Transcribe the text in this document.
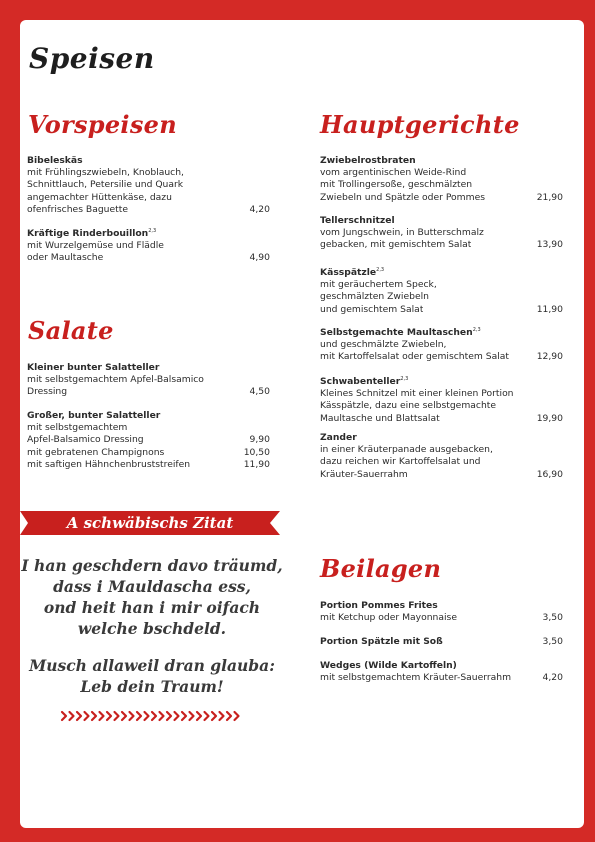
Speisen
Vorspeisen
Bibeleskäs
mit Frühlingszwiebeln, Knoblauch,
Schnittlauch, Petersilie und Quark
angemachter Hüttenkäse, dazu
ofenfrisches Baguette	4,20
Kräftige Rinderbouillon$^{2,3}$
mit Wurzelgemüse und Flädle
oder Maultasche	4,90
Salate
Kleiner bunter Salatteller
mit selbstgemachtem Apfel-Balsamico
Dressing	4,50
Großer, bunter Salatteller
mit selbstgemachtem
Apfel-Balsamico Dressing	9,90
mit gebratenen Champignons	10,50
mit saftigen Hähnchenbruststreifen	11,90
Hauptgerichte
Zwiebelrostbraten
vom argentinischen Weide-Rind
mit Trollingersoße, geschmälzten
Zwiebeln und Spätzle oder Pommes	21,90
Tellerschnitzel
vom Jungschwein, in Butterschmalz
gebacken, mit gemischtem Salat	13,90
Kässpätzle$^{2,3}$
mit geräuchertem Speck,
geschmälzten Zwiebeln
und gemischtem Salat	11,90
Selbstgemachte Maultaschen$^{2,3}$
und geschmälzte Zwiebeln,
mit Kartoffelsalat oder gemischtem Salat	12,90
Schwabenteller$^{2,3}$
Kleines Schnitzel mit einer kleinen Portion
Kässpätzle, dazu eine selbstgemachte
Maultasche und Blattsalat	19,90
Zander
in einer Kräuterpanade ausgebacken,
dazu reichen wir Kartoffelsalat und
Kräuter-Sauerrahm	16,90
Beilagen
Portion Pommes Frites
mit Ketchup oder Mayonnaise	3,50
Portion Spätzle mit Soß	3,50
Wedges (Wilde Kartoffeln)
mit selbstgemachtem Kräuter-Sauerrahm	4,20
A schwäbischs Zitat
I han geschdern davo träumd,
dass i Mauldascha ess,
ond heit han i mir oifach
welche bschdeld.
Musch allaweil dran glauba:
Leb dein Traum!
